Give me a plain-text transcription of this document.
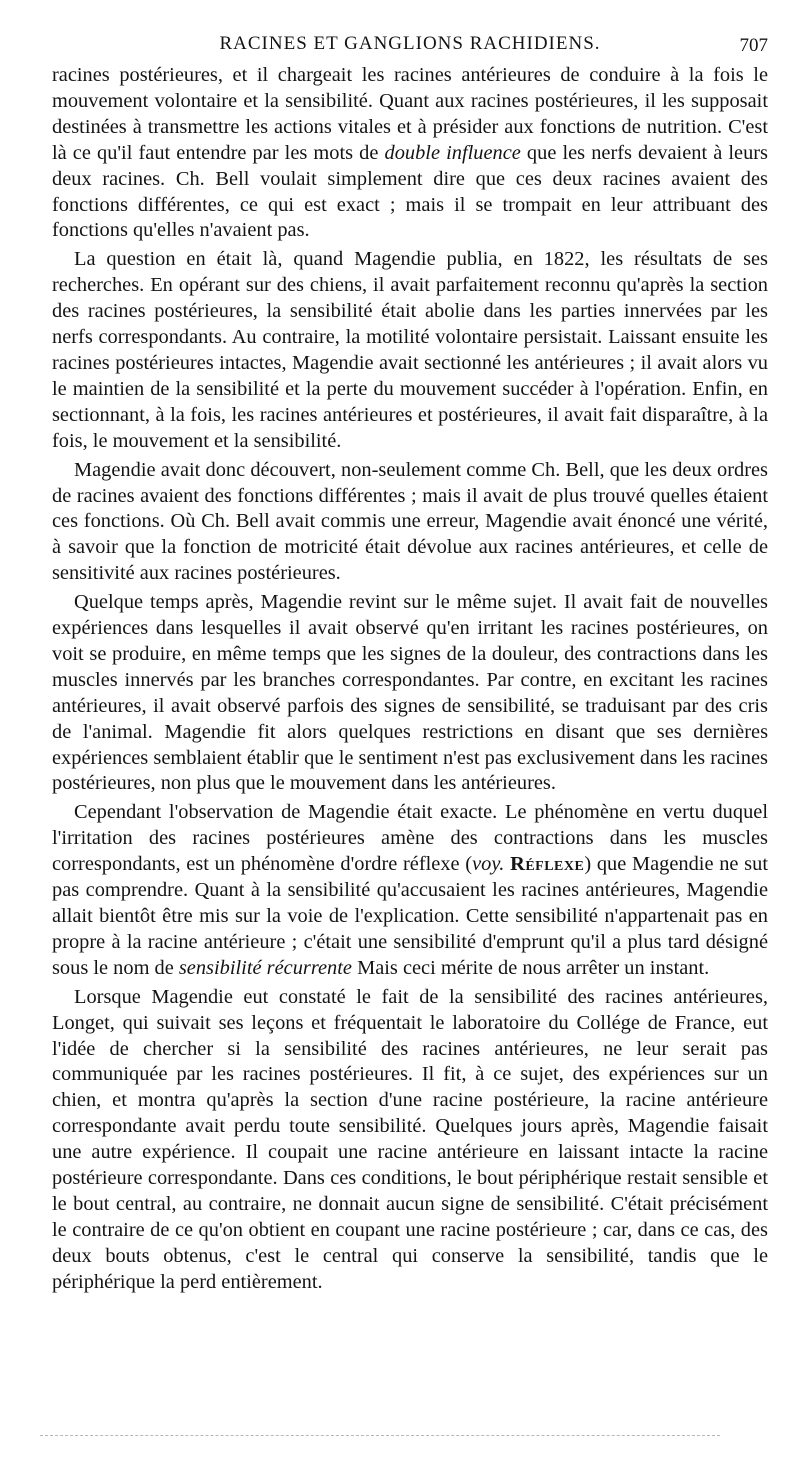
RACINES ET GANGLIONS RACHIDIENS.	707

racines postérieures, et il chargeait les racines antérieures de conduire à la fois le mouvement volontaire et la sensibilité. Quant aux racines postérieures, il les supposait destinées à transmettre les actions vitales et à présider aux fonctions de nutrition. C'est là ce qu'il faut entendre par les mots de double influence que les nerfs devaient à leurs deux racines. Ch. Bell voulait simplement dire que ces deux racines avaient des fonctions différentes, ce qui est exact ; mais il se trompait en leur attribuant des fonctions qu'elles n'avaient pas.

La question en était là, quand Magendie publia, en 1822, les résultats de ses recherches. En opérant sur des chiens, il avait parfaitement reconnu qu'après la section des racines postérieures, la sensibilité était abolie dans les parties innervées par les nerfs correspondants. Au contraire, la motilité volontaire persistait. Laissant ensuite les racines postérieures intactes, Magendie avait sectionné les antérieures ; il avait alors vu le maintien de la sensibilité et la perte du mouvement succéder à l'opération. Enfin, en sectionnant, à la fois, les racines antérieures et postérieures, il avait fait disparaître, à la fois, le mouvement et la sensibilité.

Magendie avait donc découvert, non-seulement comme Ch. Bell, que les deux ordres de racines avaient des fonctions différentes ; mais il avait de plus trouvé quelles étaient ces fonctions. Où Ch. Bell avait commis une erreur, Magendie avait énoncé une vérité, à savoir que la fonction de motricité était dévolue aux racines antérieures, et celle de sensitivité aux racines postérieures.

Quelque temps après, Magendie revint sur le même sujet. Il avait fait de nouvelles expériences dans lesquelles il avait observé qu'en irritant les racines postérieures, on voit se produire, en même temps que les signes de la douleur, des contractions dans les muscles innervés par les branches correspondantes. Par contre, en excitant les racines antérieures, il avait observé parfois des signes de sensibilité, se traduisant par des cris de l'animal. Magendie fit alors quelques restrictions en disant que ses dernières expériences semblaient établir que le sentiment n'est pas exclusivement dans les racines postérieures, non plus que le mouvement dans les antérieures.

Cependant l'observation de Magendie était exacte. Le phénomène en vertu duquel l'irritation des racines postérieures amène des contractions dans les muscles correspondants, est un phénomène d'ordre réflexe (voy. Réflexe) que Magendie ne sut pas comprendre. Quant à la sensibilité qu'accusaient les racines antérieures, Magendie allait bientôt être mis sur la voie de l'explication. Cette sensibilité n'appartenait pas en propre à la racine antérieure ; c'était une sensibilité d'emprunt qu'il a plus tard désigné sous le nom de sensibilité récurrente Mais ceci mérite de nous arrêter un instant.

Lorsque Magendie eut constaté le fait de la sensibilité des racines antérieures, Longet, qui suivait ses leçons et fréquentait le laboratoire du Collége de France, eut l'idée de chercher si la sensibilité des racines antérieures, ne leur serait pas communiquée par les racines postérieures. Il fit, à ce sujet, des expériences sur un chien, et montra qu'après la section d'une racine postérieure, la racine antérieure correspondante avait perdu toute sensibilité. Quelques jours après, Magendie faisait une autre expérience. Il coupait une racine antérieure en laissant intacte la racine postérieure correspondante. Dans ces conditions, le bout périphérique restait sensible et le bout central, au contraire, ne donnait aucun signe de sensibilité. C'était précisément le contraire de ce qu'on obtient en coupant une racine postérieure ; car, dans ce cas, des deux bouts obtenus, c'est le central qui conserve la sensibilité, tandis que le périphérique la perd entièrement.
